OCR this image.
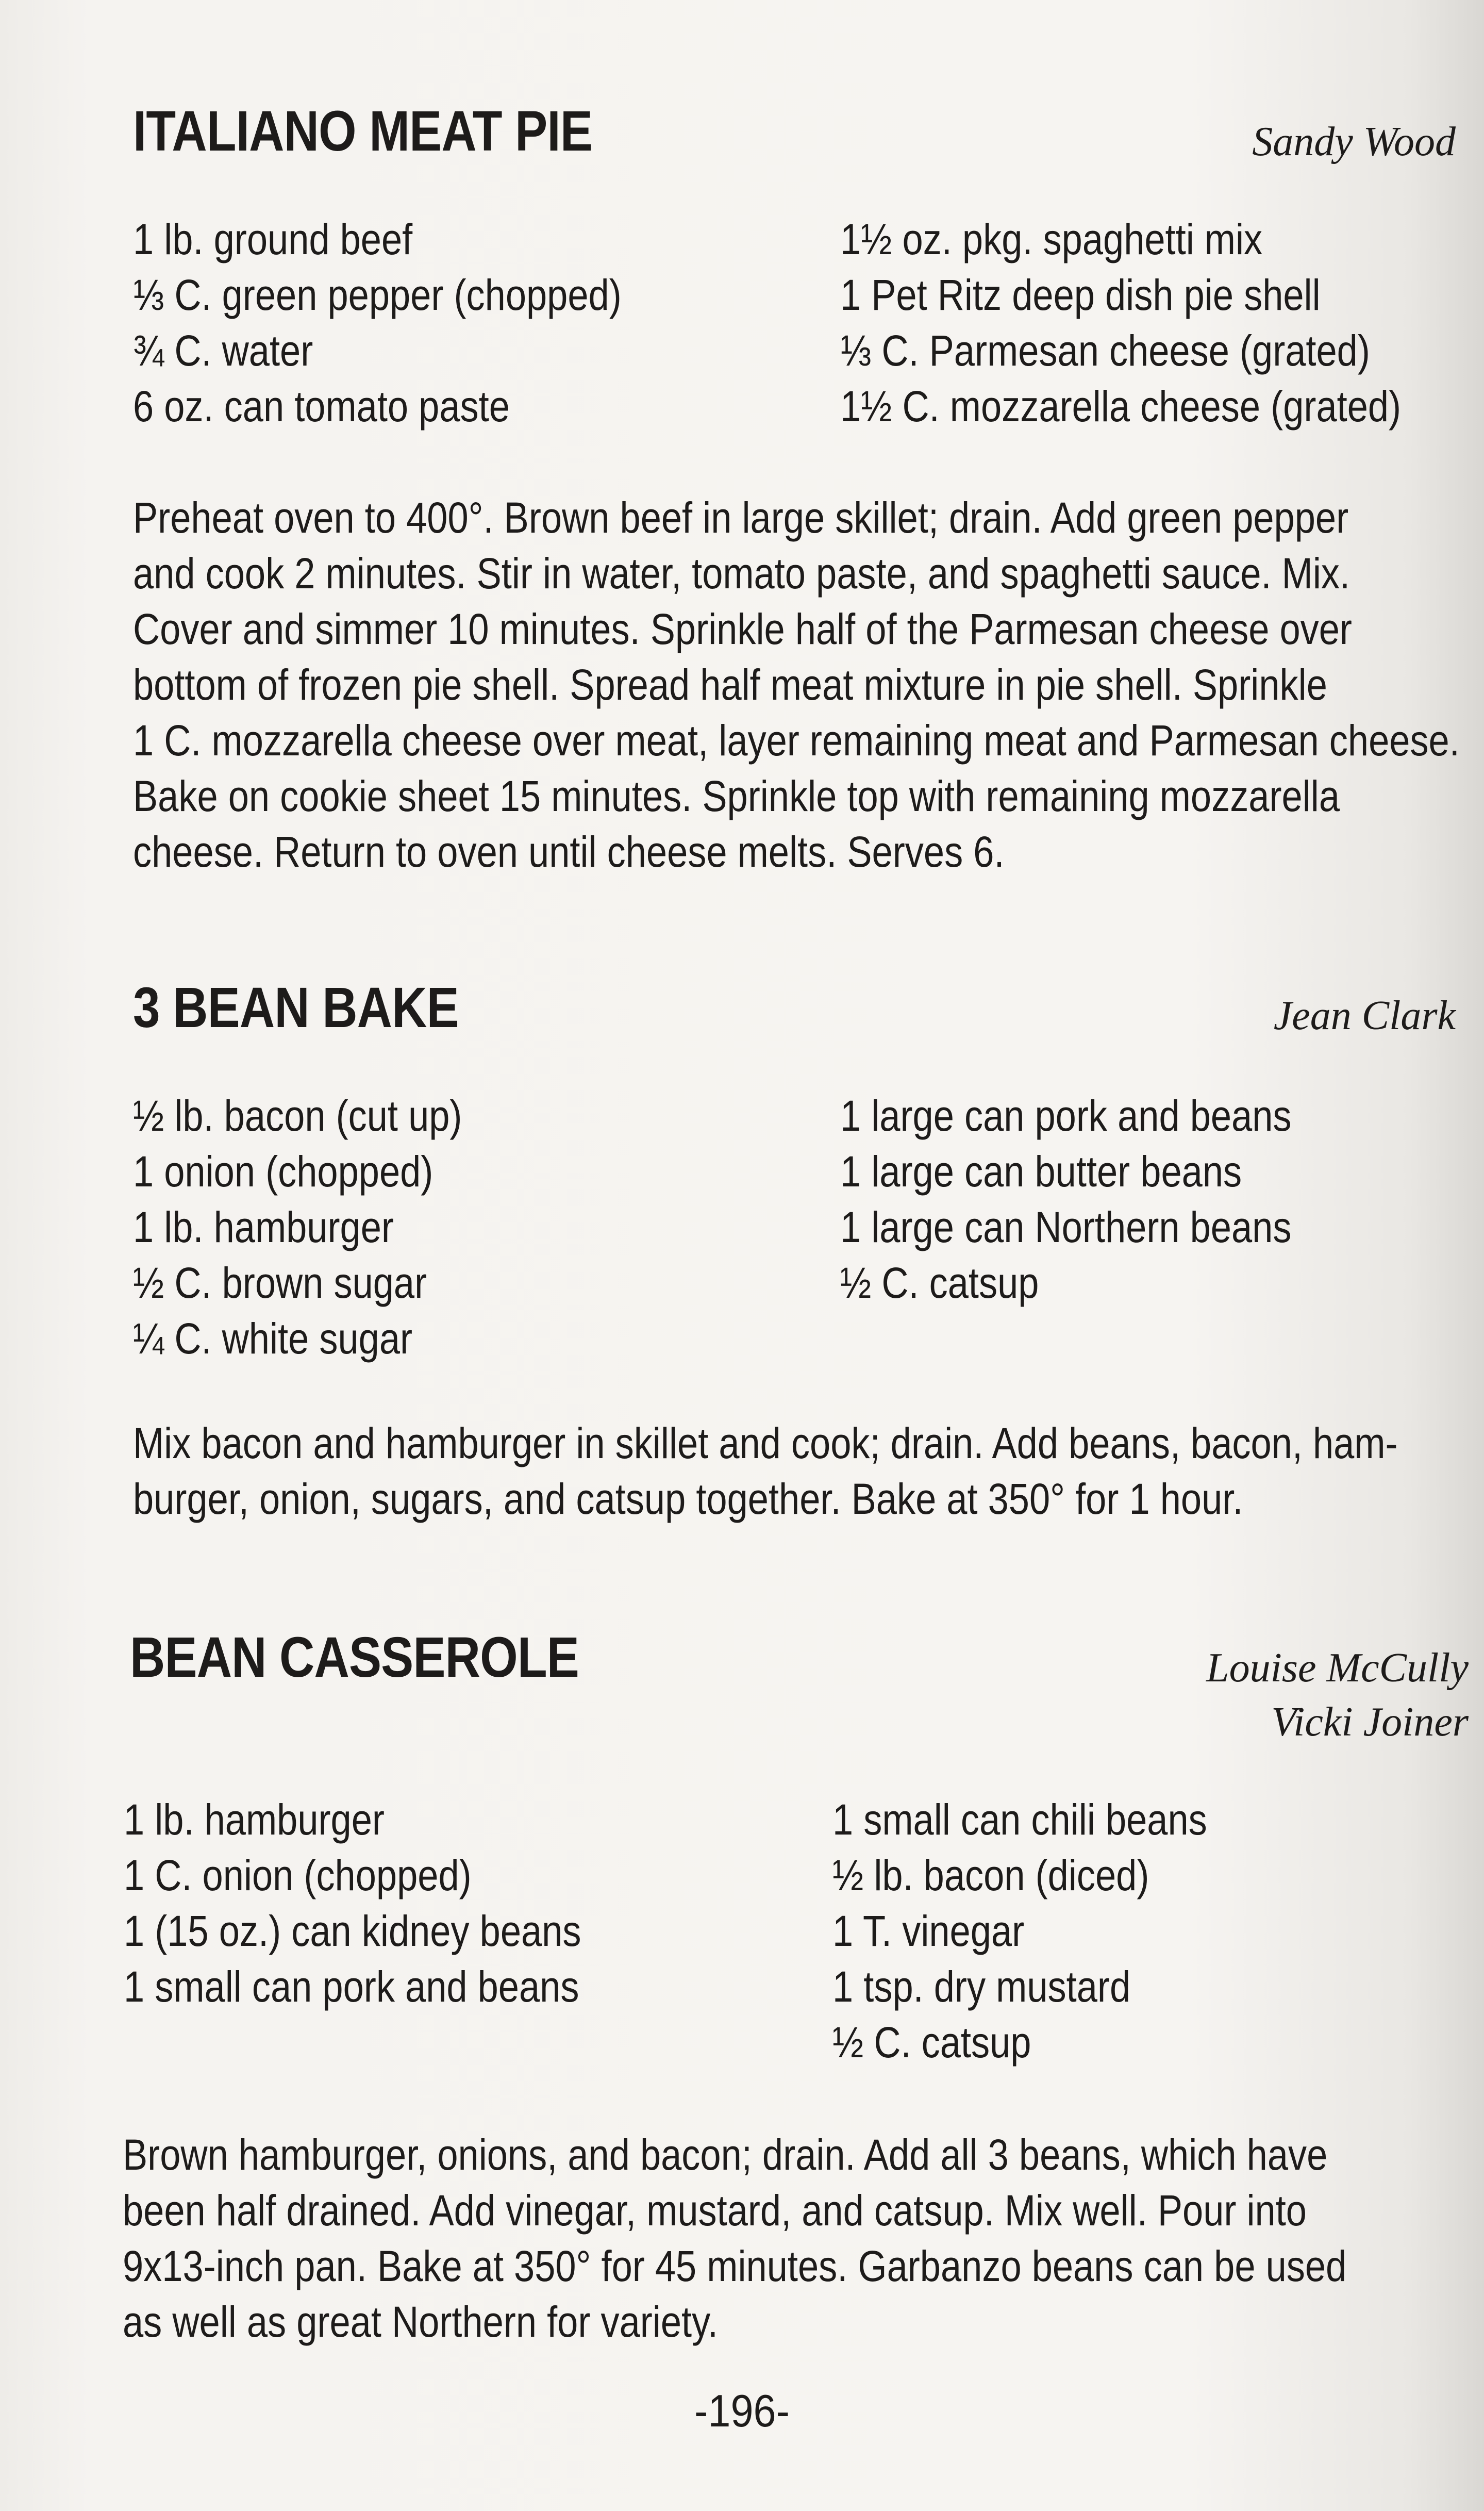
ITALIANO MEAT PIE	Sandy Wood
1 lb. ground beef
⅓ C. green pepper (chopped)
¾ C. water
6 oz. can tomato paste
1½ oz. pkg. spaghetti mix
1 Pet Ritz deep dish pie shell
⅓ C. Parmesan cheese (grated)
1½ C. mozzarella cheese (grated)
Preheat oven to 400°. Brown beef in large skillet; drain. Add green pepper
and cook 2 minutes. Stir in water, tomato paste, and spaghetti sauce. Mix.
Cover and simmer 10 minutes. Sprinkle half of the Parmesan cheese over
bottom of frozen pie shell. Spread half meat mixture in pie shell. Sprinkle
1 C. mozzarella cheese over meat, layer remaining meat and Parmesan cheese.
Bake on cookie sheet 15 minutes. Sprinkle top with remaining mozzarella
cheese. Return to oven until cheese melts. Serves 6.
3 BEAN BAKE	Jean Clark
½ lb. bacon (cut up)
1 onion (chopped)
1 lb. hamburger
½ C. brown sugar
¼ C. white sugar
1 large can pork and beans
1 large can butter beans
1 large can Northern beans
½ C. catsup
Mix bacon and hamburger in skillet and cook; drain. Add beans, bacon, ham-
burger, onion, sugars, and catsup together. Bake at 350° for 1 hour.
BEAN CASSEROLE	Louise McCully
Vicki Joiner
1 lb. hamburger
1 C. onion (chopped)
1 (15 oz.) can kidney beans
1 small can pork and beans
1 small can chili beans
½ lb. bacon (diced)
1 T. vinegar
1 tsp. dry mustard
½ C. catsup
Brown hamburger, onions, and bacon; drain. Add all 3 beans, which have
been half drained. Add vinegar, mustard, and catsup. Mix well. Pour into
9x13-inch pan. Bake at 350° for 45 minutes. Garbanzo beans can be used
as well as great Northern for variety.
-196-
